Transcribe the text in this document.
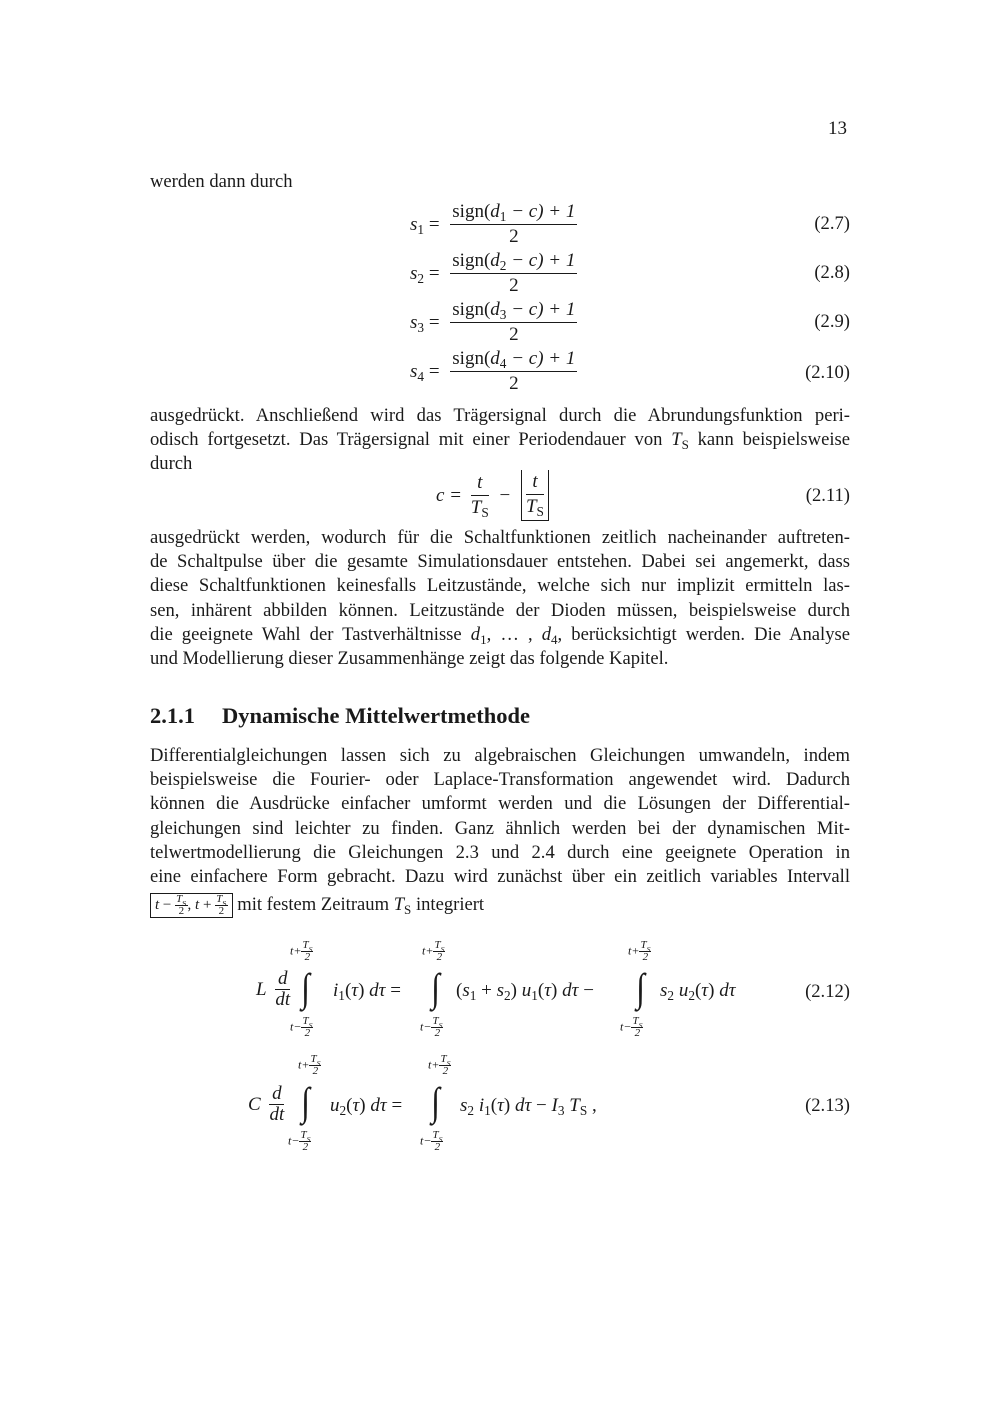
13
werden dann durch
$s_1 = \frac{sign(d_1 - c) + 1}{2}$	(2.7)
$s_2 = \frac{sign(d_2 - c) + 1}{2}$	(2.8)
$s_3 = \frac{sign(d_3 - c) + 1}{2}$	(2.9)
$s_4 = \frac{sign(d_4 - c) + 1}{2}$	(2.10)
ausgedrückt. Anschließend wird das Trägersignal durch die Abrundungsfunktion peri-
odisch fortgesetzt. Das Trägersignal mit einer Periodendauer von $T_S$ kann beispielsweise
durch
$c = \frac{t}{T_S} - \frac{t}{T_S}$	(2.11)
ausgedrückt werden, wodurch für die Schaltfunktionen zeitlich nacheinander auftreten-
de Schaltpulse über die gesamte Simulationsdauer entstehen. Dabei sei angemerkt, dass
diese Schaltfunktionen keinesfalls Leitzustände, welche sich nur implizit ermitteln las-
sen, inhärent abbilden können. Leitzustände der Dioden müssen, beispielsweise durch
die geeignete Wahl der Tastverhältnisse $d_1$, … , $d_4$, berücksichtigt werden. Die Analyse
und Modellierung dieser Zusammenhänge zeigt das folgende Kapitel.
2.1.1 Dynamische Mittelwertmethode
Differentialgleichungen lassen sich zu algebraischen Gleichungen umwandeln, indem
beispielsweise die Fourier- oder Laplace-Transformation angewendet wird. Dadurch
können die Ausdrücke einfacher umformt werden und die Lösungen der Differential-
gleichungen sind leichter zu finden. Ganz ähnlich werden bei der dynamischen Mit-
telwertmodellierung die Gleichungen 2.3 und 2.4 durch eine geeignete Operation in
eine einfachere Form gebracht. Dazu wird zunächst über ein zeitlich variables Intervall
$t - \frac{T_S}{2}$ , $t + \frac{T_S}{2}$ mit festem Zeitraum $T_S$ integriert
L $\frac{d}{dt}$
$t+ \frac{T_S}{2}$
∫
$t- \frac{T_S}{2}$
$i_1(\tau) d\tau$ =
$t+ \frac{T_S}{2}$
∫
$t- \frac{T_S}{2}$
$(s_1 + s_2)$ $u_1(\tau) d\tau$ −
$t+ \frac{T_S}{2}$
∫
$t- \frac{T_S}{2}$
$s_2$ $u_2(\tau)$ dτ	(2.12)
C $\frac{d}{dt}$
$t+ \frac{T_S}{2}$
∫
$t- \frac{T_S}{2}$
$u_2(\tau) d\tau$ =
$t+ \frac{T_S}{2}$
∫
$t- \frac{T_S}{2}$
$s_2$ $i_1(\tau) d\tau - I_3$ $T_S$ ,	(2.13)
